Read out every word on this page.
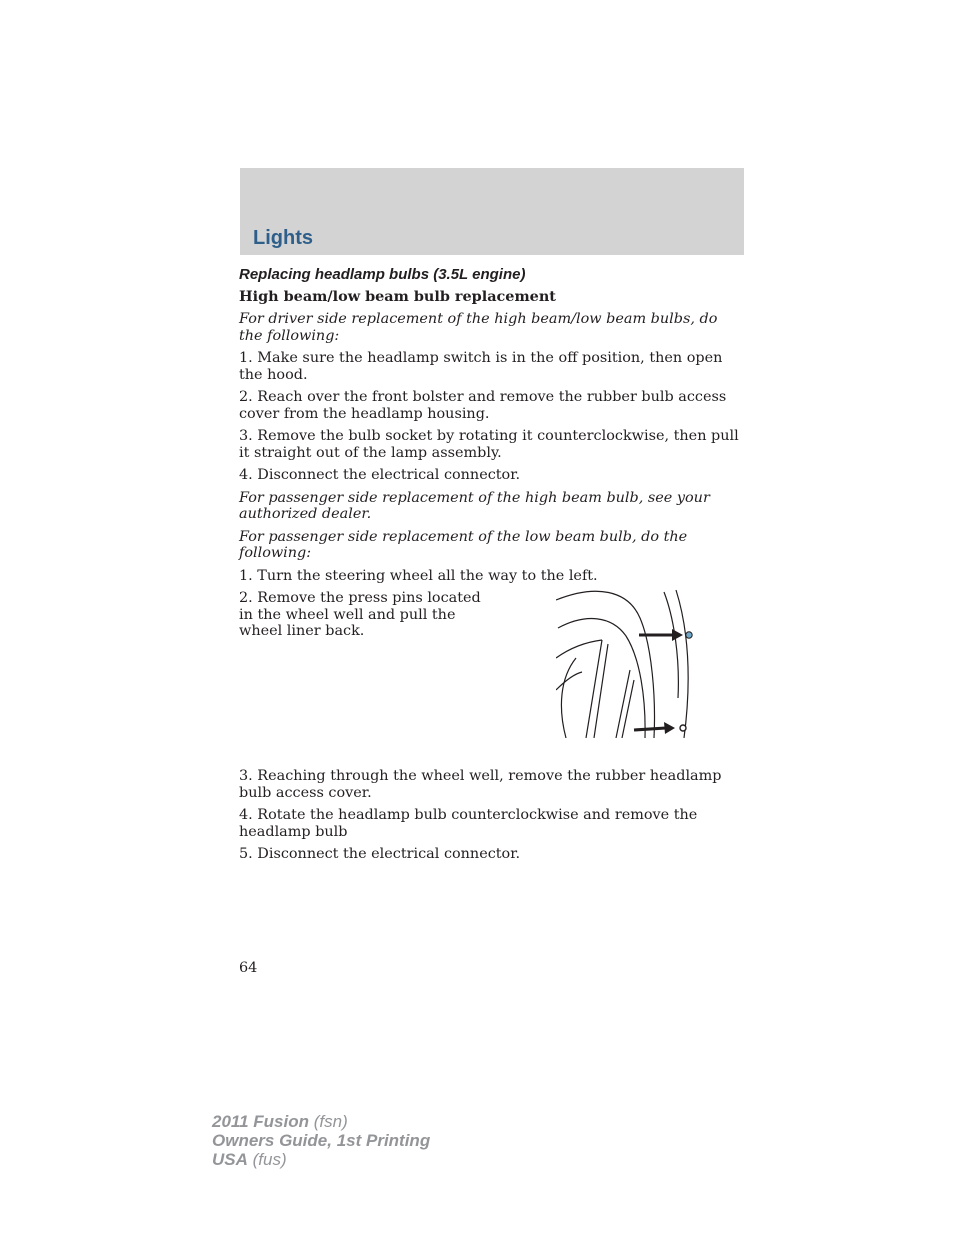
Lights

Replacing headlamp bulbs (3.5L engine)

High beam/low beam bulb replacement

For driver side replacement of the high beam/low beam bulbs, do the following:

1. Make sure the headlamp switch is in the off position, then open the hood.

2. Reach over the front bolster and remove the rubber bulb access cover from the headlamp housing.

3. Remove the bulb socket by rotating it counterclockwise, then pull it straight out of the lamp assembly.

4. Disconnect the electrical connector.

For passenger side replacement of the high beam bulb, see your authorized dealer.

For passenger side replacement of the low beam bulb, do the following:

1. Turn the steering wheel all the way to the left.

2. Remove the press pins located in the wheel well and pull the wheel liner back.

3. Reaching through the wheel well, remove the rubber headlamp bulb access cover.

4. Rotate the headlamp bulb counterclockwise and remove the headlamp bulb

5. Disconnect the electrical connector.

64
2011 Fusion (fsn)
Owners Guide, 1st Printing
USA (fus)
